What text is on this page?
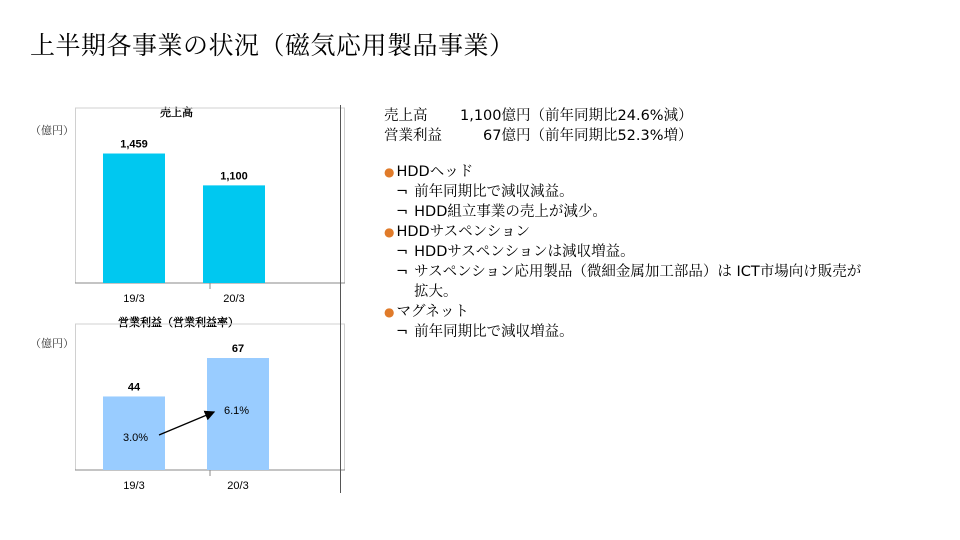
上半期各事業の状況（磁気応用製品事業）
売上高
（億円）
1,459
19/3
1,100
20/3
営業利益（営業利益率）
（億円）
44
19/3
67
20/3
3.0%
6.1%
売上高 1,100億円（前年同期比24.6%減）
営業利益	67億円（前年同期比52.3%増）
● HDDヘッド
¬ 前年同期比で減収減益。
¬ HDD組立事業の売上が減少。
● HDDサスペンション
¬ HDDサスペンションは減収増益。
¬ サスペンション応用製品（微細金属加工部品）は ICT市場向け販売が
拡大。
● マグネット
¬ 前年同期比で減収増益。
